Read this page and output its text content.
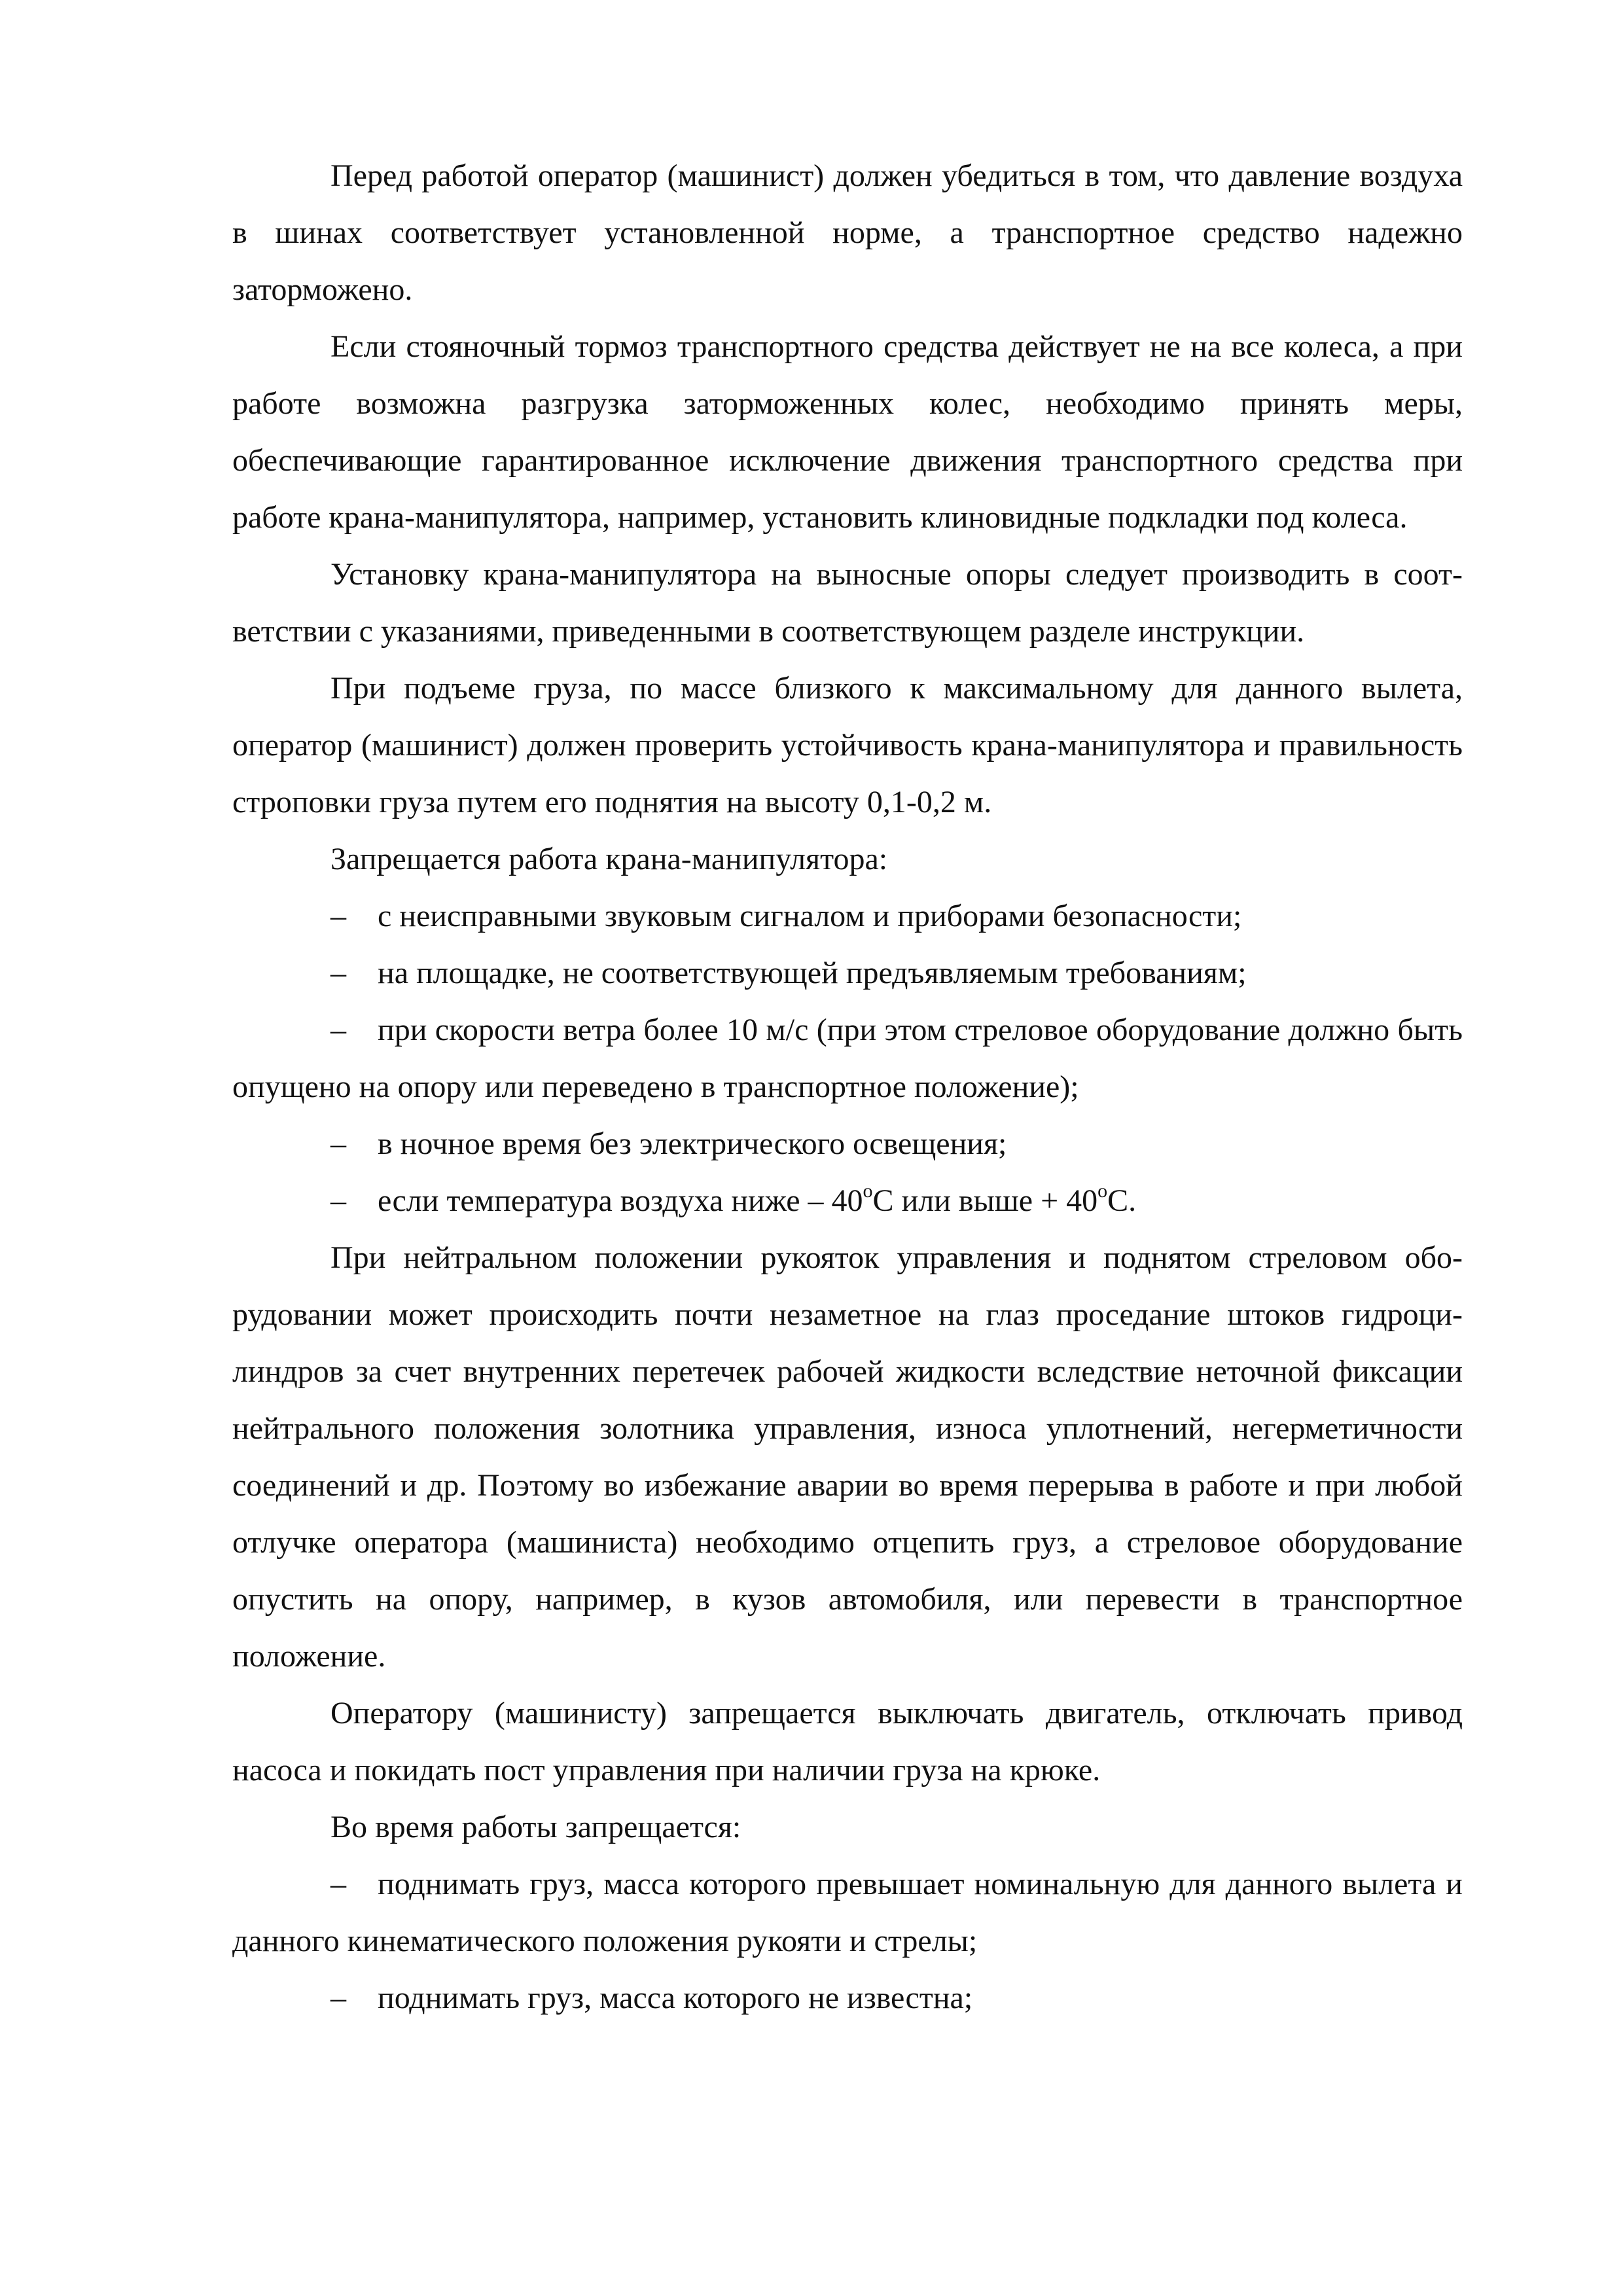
Перед работой оператор (машинист) должен убедиться в том, что давление воздуха в шинах соответствует установленной норме, а транспортное средство надежно заторможено.

Если стояночный тормоз транспортного средства действует не на все колеса, а при работе возможна разгрузка заторможенных колес, необходимо принять меры, обеспечивающие гарантированное исключение движения транспортного средства при работе крана-манипулятора, например, установить клиновидные подкладки под колеса.

Установку крана-манипулятора на выносные опоры следует производить в соответствии с указаниями, приведенными в соответствующем разделе инструкции.

При подъеме груза, по массе близкого к максимальному для данного вылета, оператор (машинист) должен проверить устойчивость крана-манипулятора и правильность строповки груза путем его поднятия на высоту 0,1-0,2 м.

Запрещается работа крана-манипулятора:

– с неисправными звуковым сигналом и приборами безопасности;

– на площадке, не соответствующей предъявляемым требованиям;

– при скорости ветра более 10 м/с (при этом стреловое оборудование должно быть опущено на опору или переведено в транспортное положение);

– в ночное время без электрического освещения;

– если температура воздуха ниже – $40^оС$ или выше + $40^оС$.

При нейтральном положении рукояток управления и поднятом стреловом оборудовании может происходить почти незаметное на глаз проседание штоков гидроцилиндров за счет внутренних перетечек рабочей жидкости вследствие неточной фиксации нейтрального положения золотника управления, износа уплотнений, негерметичности соединений и др. Поэтому во избежание аварии во время перерыва в работе и при любой отлучке оператора (машиниста) необходимо отцепить груз, а стреловое оборудование опустить на опору, например, в кузов автомобиля, или перевести в транспортное положение.

Оператору (машинисту) запрещается выключать двигатель, отключать привод насоса и покидать пост управления при наличии груза на крюке.

Во время работы запрещается:

– поднимать груз, масса которого превышает номинальную для данного вылета и данного кинематического положения рукояти и стрелы;

– поднимать груз, масса которого не известна;
